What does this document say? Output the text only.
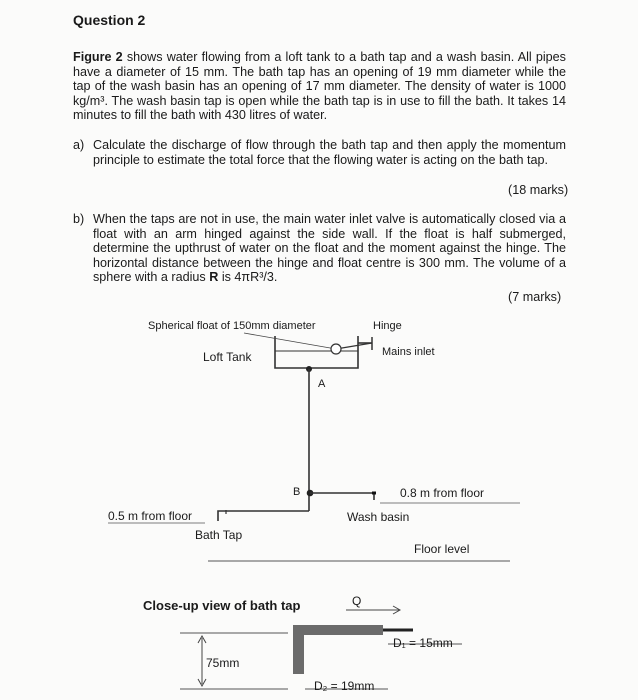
Question 2
Figure 2 shows water flowing from a loft tank to a bath tap and a wash basin. All pipes have a diameter of 15 mm. The bath tap has an opening of 19 mm diameter while the tap of the wash basin has an opening of 17 mm diameter. The density of water is 1000 kg/m³. The wash basin tap is open while the bath tap is in use to fill the bath. It takes 14 minutes to fill the bath with 430 litres of water.
a) Calculate the discharge of flow through the bath tap and then apply the momentum principle to estimate the total force that the flowing water is acting on the bath tap.
(18 marks)
b) When the taps are not in use, the main water inlet valve is automatically closed via a float with an arm hinged against the side wall. If the float is half submerged, determine the upthrust of water on the float and the moment against the hinge. The horizontal distance between the hinge and float centre is 300 mm. The volume of a sphere with a radius R is 4πR³/3.
(7 marks)
Spherical float of 150mm diameter	Hinge
Mains inlet
Loft Tank
A
B	0.8 m from floor
0.5 m from floor	Wash basin
Bath Tap
Floor level
Close-up view of bath tap	Q
D₁ = 15mm
75mm
D₂ = 19mm
